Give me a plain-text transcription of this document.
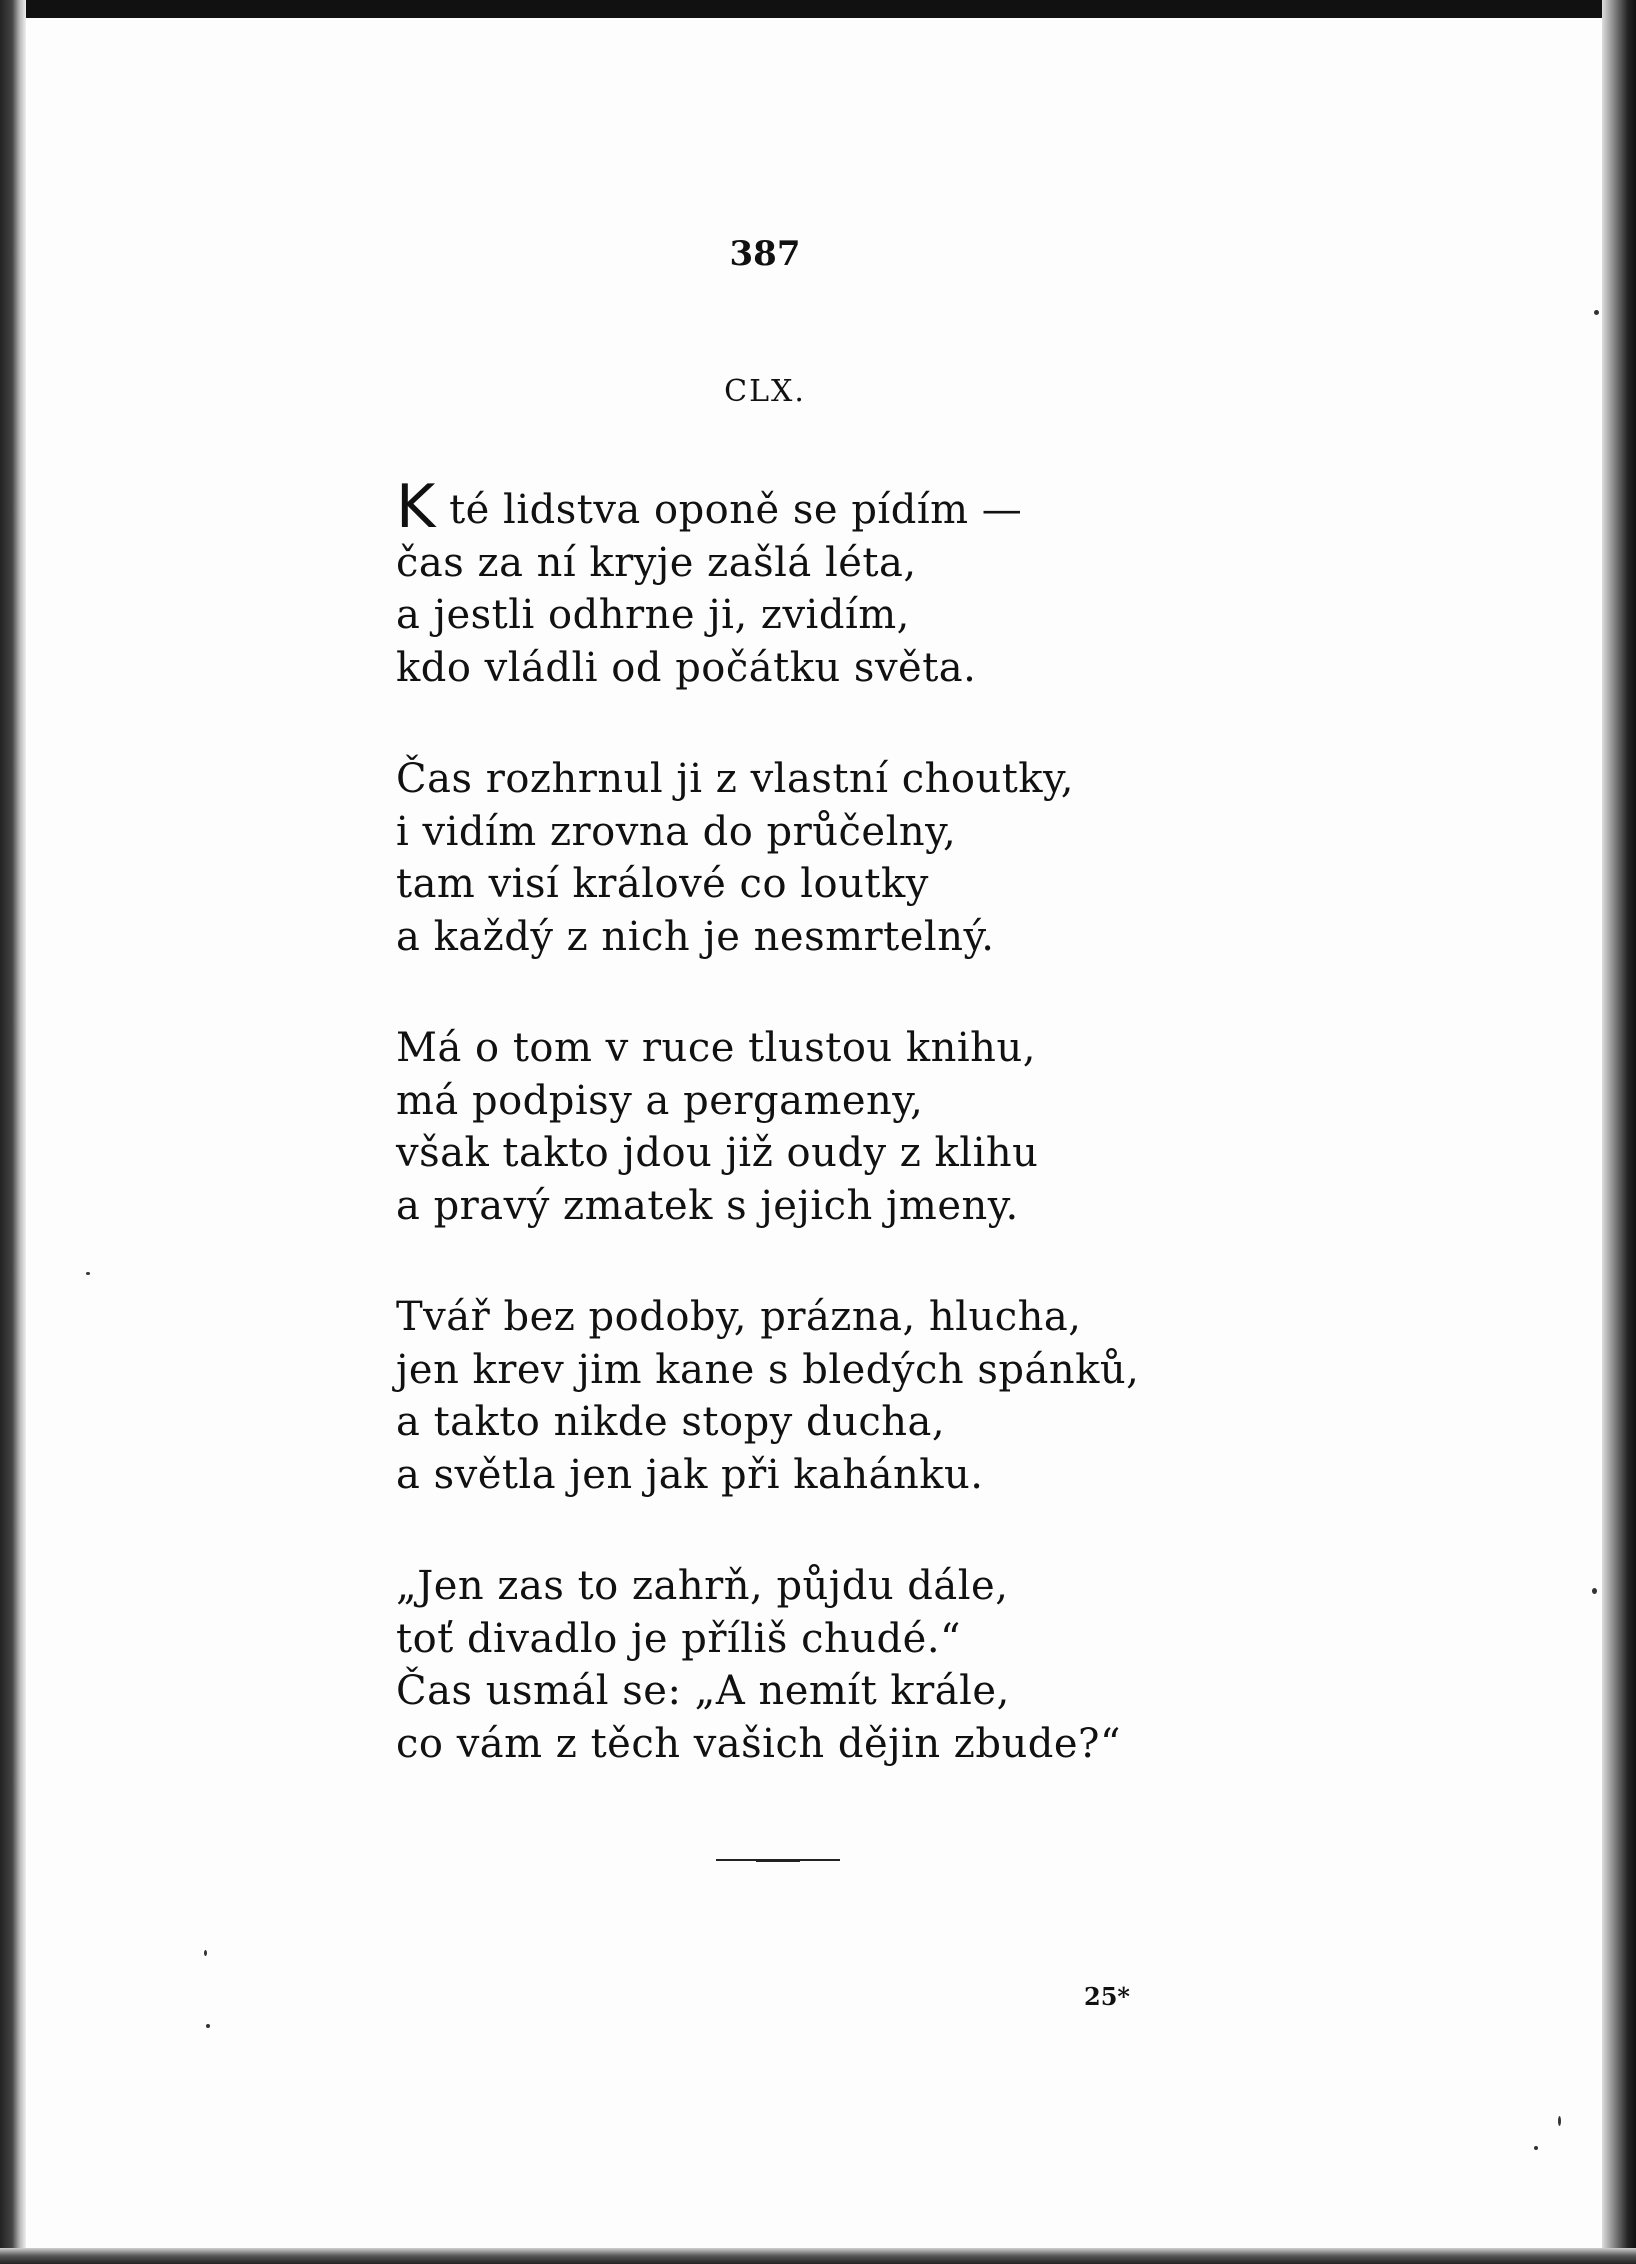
387
CLX.
K té lidstva oponě se pídím —
čas za ní kryje zašlá léta,
a jestli odhrne ji, zvidím,
kdo vládli od počátku světa.
Čas rozhrnul ji z vlastní choutky,
i vidím zrovna do průčelny,
tam visí králové co loutky
a každý z nich je nesmrtelný.
Má o tom v ruce tlustou knihu,
má podpisy a pergameny,
však takto jdou již oudy z klihu
a pravý zmatek s jejich jmeny.
Tvář bez podoby, prázna, hlucha,
jen krev jim kane s bledých spánků,
a takto nikde stopy ducha,
a světla jen jak při kahánku.
„Jen zas to zahrň, půjdu dále,
toť divadlo je příliš chudé.“
Čas usmál se: „A nemít krále,
co vám z těch vašich dějin zbude?“
25*
